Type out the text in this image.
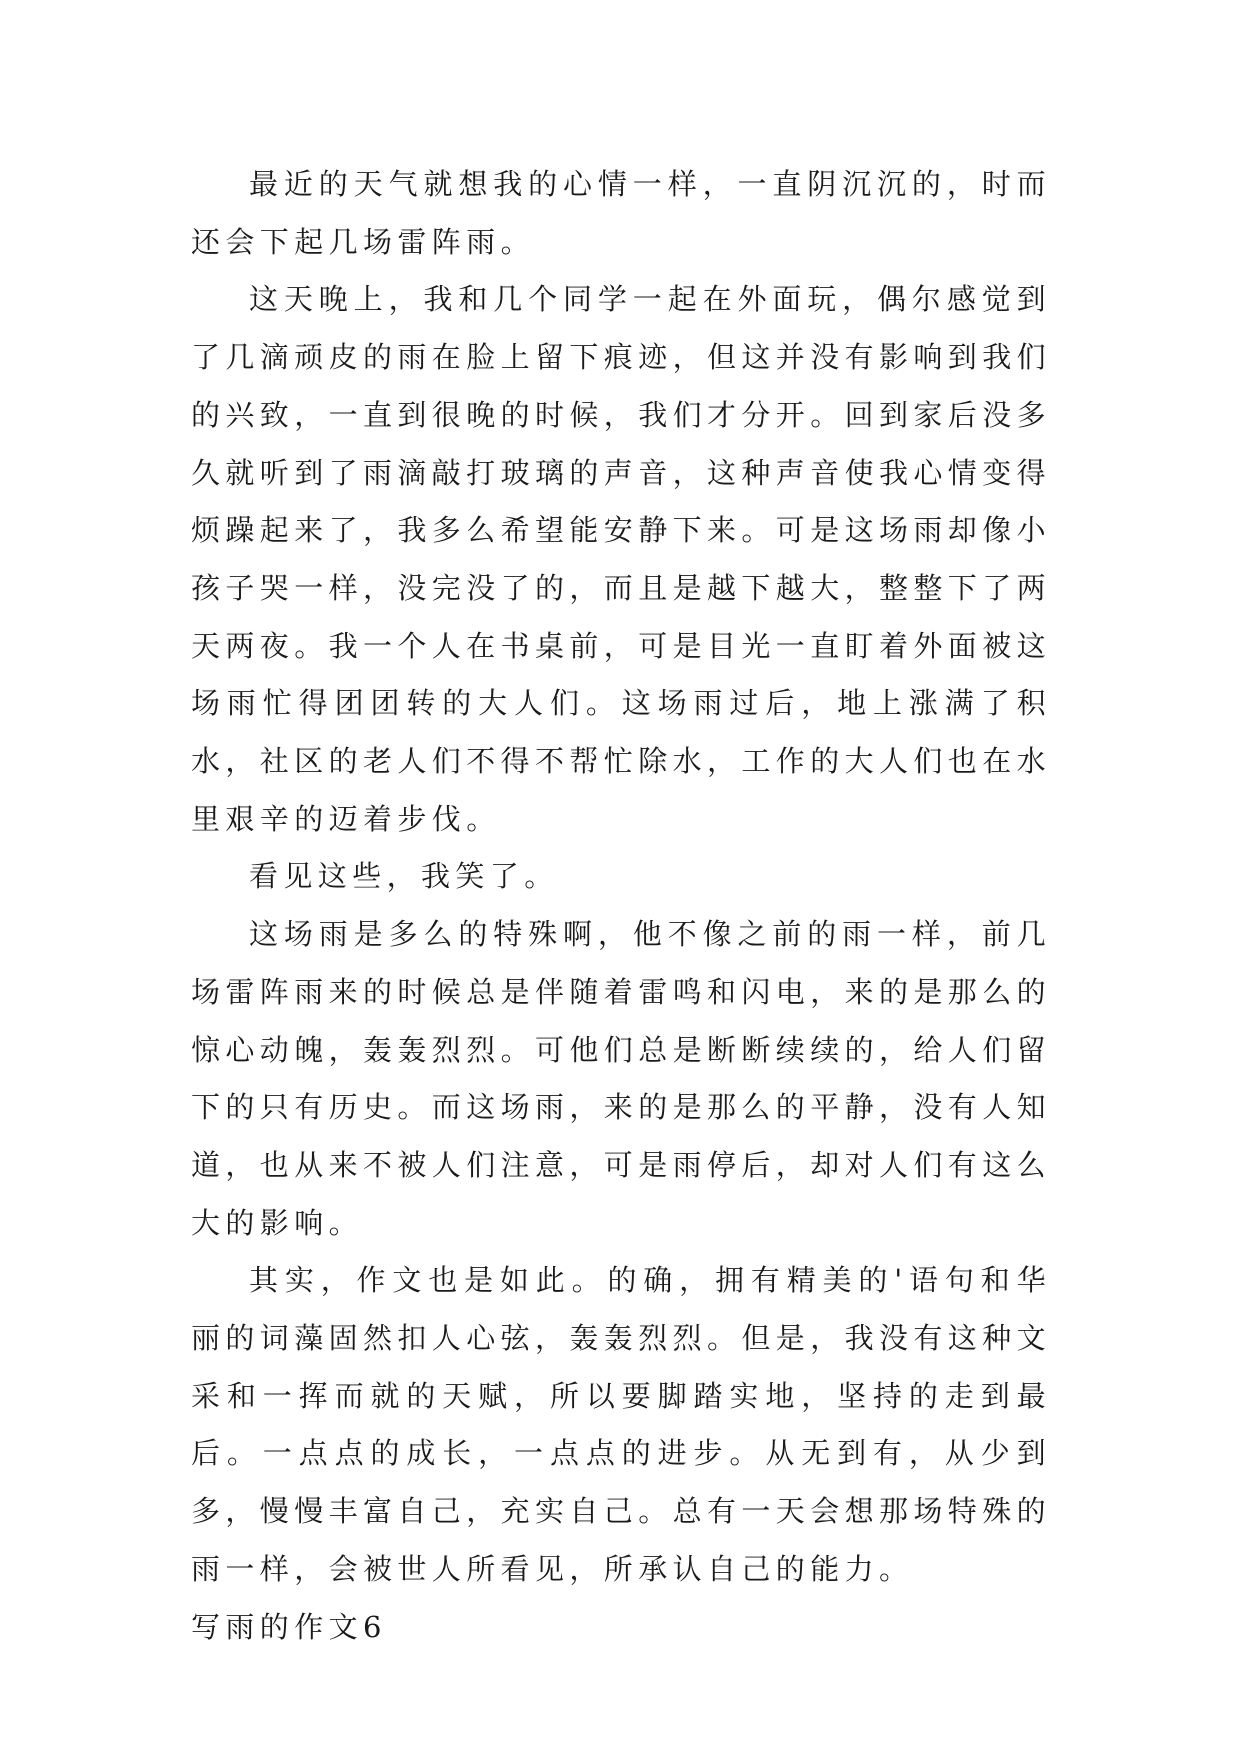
最近的天气就想我的心情一样，一直阴沉沉的，时而还会下起几场雷阵雨。

这天晚上，我和几个同学一起在外面玩，偶尔感觉到了几滴顽皮的雨在脸上留下痕迹，但这并没有影响到我们的兴致，一直到很晚的时候，我们才分开。回到家后没多久就听到了雨滴敲打玻璃的声音，这种声音使我心情变得烦躁起来了，我多么希望能安静下来。可是这场雨却像小孩子哭一样，没完没了的，而且是越下越大，整整下了两天两夜。我一个人在书桌前，可是目光一直盯着外面被这场雨忙得团团转的大人们。这场雨过后，地上涨满了积水，社区的老人们不得不帮忙除水，工作的大人们也在水里艰辛的迈着步伐。

看见这些，我笑了。

这场雨是多么的特殊啊，他不像之前的雨一样，前几场雷阵雨来的时候总是伴随着雷鸣和闪电，来的是那么的惊心动魄，轰轰烈烈。可他们总是断断续续的，给人们留下的只有历史。而这场雨，来的是那么的平静，没有人知道，也从来不被人们注意，可是雨停后，却对人们有这么大的影响。

其实，作文也是如此。的确，拥有精美的'语句和华丽的词藻固然扣人心弦，轰轰烈烈。但是，我没有这种文采和一挥而就的天赋，所以要脚踏实地，坚持的走到最后。一点点的成长，一点点的进步。从无到有，从少到多，慢慢丰富自己，充实自己。总有一天会想那场特殊的雨一样，会被世人所看见，所承认自己的能力。

写雨的作文6
